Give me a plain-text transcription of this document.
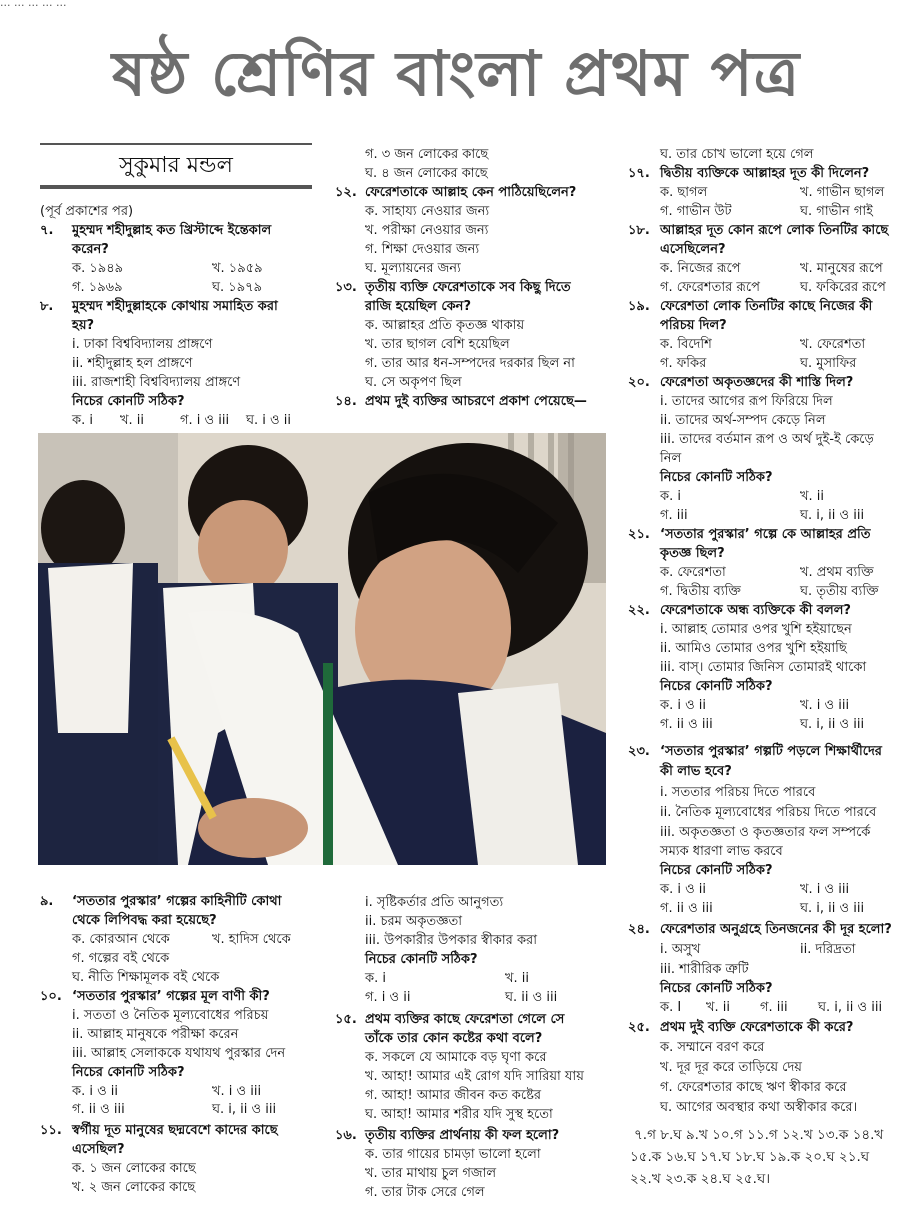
... ... ... ... ...
ষষ্ঠ শ্রেণির বাংলা প্রথম পত্র
সুকুমার মন্ডল
(পূর্ব প্রকাশের পর)
৭. মুহম্মদ শহীদুল্লাহ কত খ্রিস্টাব্দে ইন্তেকাল
করেন?
ক. ১৯৪৯	খ. ১৯৫৯
গ. ১৯৬৯	ঘ. ১৯৭৯
৮. মুহম্মদ শহীদুল্লাহকে কোথায় সমাহিত করা
হয়?
i. ঢাকা বিশ্ববিদ্যালয় প্রাঙ্গণে
ii. শহীদুল্লাহ হল প্রাঙ্গণে
iii. রাজশাহী বিশ্ববিদ্যালয় প্রাঙ্গণে
নিচের কোনটি সঠিক?
ক. i খ. ii	গ. i ও iii ঘ. i ও ii
গ. ৩ জন লোকের কাছে
ঘ. ৪ জন লোকের কাছে
১২. ফেরেশতাকে আল্লাহ কেন পাঠিয়েছিলেন?
ক. সাহায্য নেওয়ার জন্য
খ. পরীক্ষা নেওয়ার জন্য
গ. শিক্ষা দেওয়ার জন্য
ঘ. মূল্যায়নের জন্য
১৩. তৃতীয় ব্যক্তি ফেরেশতাকে সব কিছু দিতে
রাজি হয়েছিল কেন?
ক. আল্লাহর প্রতি কৃতজ্ঞ থাকায়
খ. তার ছাগল বেশি হয়েছিল
গ. তার আর ধন-সম্পদের দরকার ছিল না
ঘ. সে অকৃপণ ছিল
১৪. প্রথম দুই ব্যক্তির আচরণে প্রকাশ পেয়েছে—
ঘ. তার চোখ ভালো হয়ে গেল
১৭. দ্বিতীয় ব্যক্তিকে আল্লাহর দূত কী দিলেন?
ক. ছাগল	খ. গাভীন ছাগল
গ. গাভীন উট	ঘ. গাভীন গাই
১৮. আল্লাহর দূত কোন রূপে লোক তিনটির কাছে
এসেছিলেন?
ক. নিজের রূপে	খ. মানুষের রূপে
গ. ফেরেশতার রূপে	ঘ. ফকিরের রূপে
১৯. ফেরেশতা লোক তিনটির কাছে নিজের কী
পরিচয় দিল?
ক. বিদেশি	খ. ফেরেশতা
গ. ফকির	ঘ. মুসাফির
২০. ফেরেশতা অকৃতজ্ঞদের কী শাস্তি দিল?
i. তাদের আগের রূপ ফিরিয়ে দিল
ii. তাদের অর্থ-সম্পদ কেড়ে নিল
iii. তাদের বর্তমান রূপ ও অর্থ দুই-ই কেড়ে
নিল
নিচের কোনটি সঠিক?
ক. i	খ. ii
গ. iii	ঘ. i, ii ও iii
২১. ‘সততার পুরস্কার’ গল্পে কে আল্লাহর প্রতি
কৃতজ্ঞ ছিল?
ক. ফেরেশতা	খ. প্রথম ব্যক্তি
গ. দ্বিতীয় ব্যক্তি	ঘ. তৃতীয় ব্যক্তি
২২. ফেরেশতাকে অন্ধ ব্যক্তিকে কী বলল?
i. আল্লাহ তোমার ওপর খুশি হইয়াছেন
ii. আমিও তোমার ওপর খুশি হইয়াছি
iii. বাস্। তোমার জিনিস তোমারই থাকো
নিচের কোনটি সঠিক?
ক. i ও ii	খ. i ও iii
গ. ii ও iii	ঘ. i, ii ও iii
২৩. ‘সততার পুরস্কার’ গল্পটি পড়লে শিক্ষার্থীদের
কী লাভ হবে?
i. সততার পরিচয় দিতে পারবে
ii. নৈতিক মূল্যবোধের পরিচয় দিতে পারবে
iii. অকৃতজ্ঞতা ও কৃতজ্ঞতার ফল সম্পর্কে
সম্যক ধারণা লাভ করবে
নিচের কোনটি সঠিক?
ক. i ও ii	খ. i ও iii
গ. ii ও iii	ঘ. i, ii ও iii
২৪. ফেরেশতার অনুগ্রহে তিনজনের কী দূর হলো?
i. অসুখ	ii. দরিদ্রতা
iii. শারীরিক ত্রুটি
নিচের কোনটি সঠিক?
ক. I খ. ii গ. iii ঘ. i, ii ও iii
২৫. প্রথম দুই ব্যক্তি ফেরেশতাকে কী করে?
ক. সম্মানে বরণ করে
খ. দূর দূর করে তাড়িয়ে দেয়
গ. ফেরেশতার কাছে ঋণ স্বীকার করে
ঘ. আগের অবস্থার কথা অস্বীকার করে।
৭.গ ৮.ঘ ৯.খ ১০.গ ১১.গ ১২.খ ১৩.ক ১৪.খ
১৫.ক ১৬.ঘ ১৭.ঘ ১৮.ঘ ১৯.ক ২০.ঘ ২১.ঘ
২২.খ ২৩.ক ২৪.ঘ ২৫.ঘ।
৯. ‘সততার পুরস্কার’ গল্পের কাহিনীটি কোথা
থেকে লিপিবদ্ধ করা হয়েছে?
ক. কোরআন থেকে	খ. হাদিস থেকে
গ. গল্পের বই থেকে
ঘ. নীতি শিক্ষামূলক বই থেকে
১০. ‘সততার পুরস্কার’ গল্পের মূল বাণী কী?
i. সততা ও নৈতিক মূল্যবোধের পরিচয়
ii. আল্লাহ মানুষকে পরীক্ষা করেন
iii. আল্লাহ সেলাককে যথাযথ পুরস্কার দেন
নিচের কোনটি সঠিক?
ক. i ও ii	খ. i ও iii
গ. ii ও iii	ঘ. i, ii ও iii
১১. স্বর্গীয় দূত মানুষের ছদ্মবেশে কাদের কাছে
এসেছিল?
ক. ১ জন লোকের কাছে
খ. ২ জন লোকের কাছে
i. সৃষ্টিকর্তার প্রতি আনুগত্য
ii. চরম অকৃতজ্ঞতা
iii. উপকারীর উপকার স্বীকার করা
নিচের কোনটি সঠিক?
ক. i	খ. ii
গ. i ও ii	ঘ. ii ও iii
১৫. প্রথম ব্যক্তির কাছে ফেরেশতা গেলে সে
তাঁকে তার কোন কষ্টের কথা বলে?
ক. সকলে যে আমাকে বড় ঘৃণা করে
খ. আহা! আমার এই রোগ যদি সারিয়া যায়
গ. আহা! আমার জীবন কত কষ্টের
ঘ. আহা! আমার শরীর যদি সুস্থ হতো
১৬. তৃতীয় ব্যক্তির প্রার্থনায় কী ফল হলো?
ক. তার গায়ের চামড়া ভালো হলো
খ. তার মাথায় চুল গজাল
গ. তার টাক সেরে গেল
